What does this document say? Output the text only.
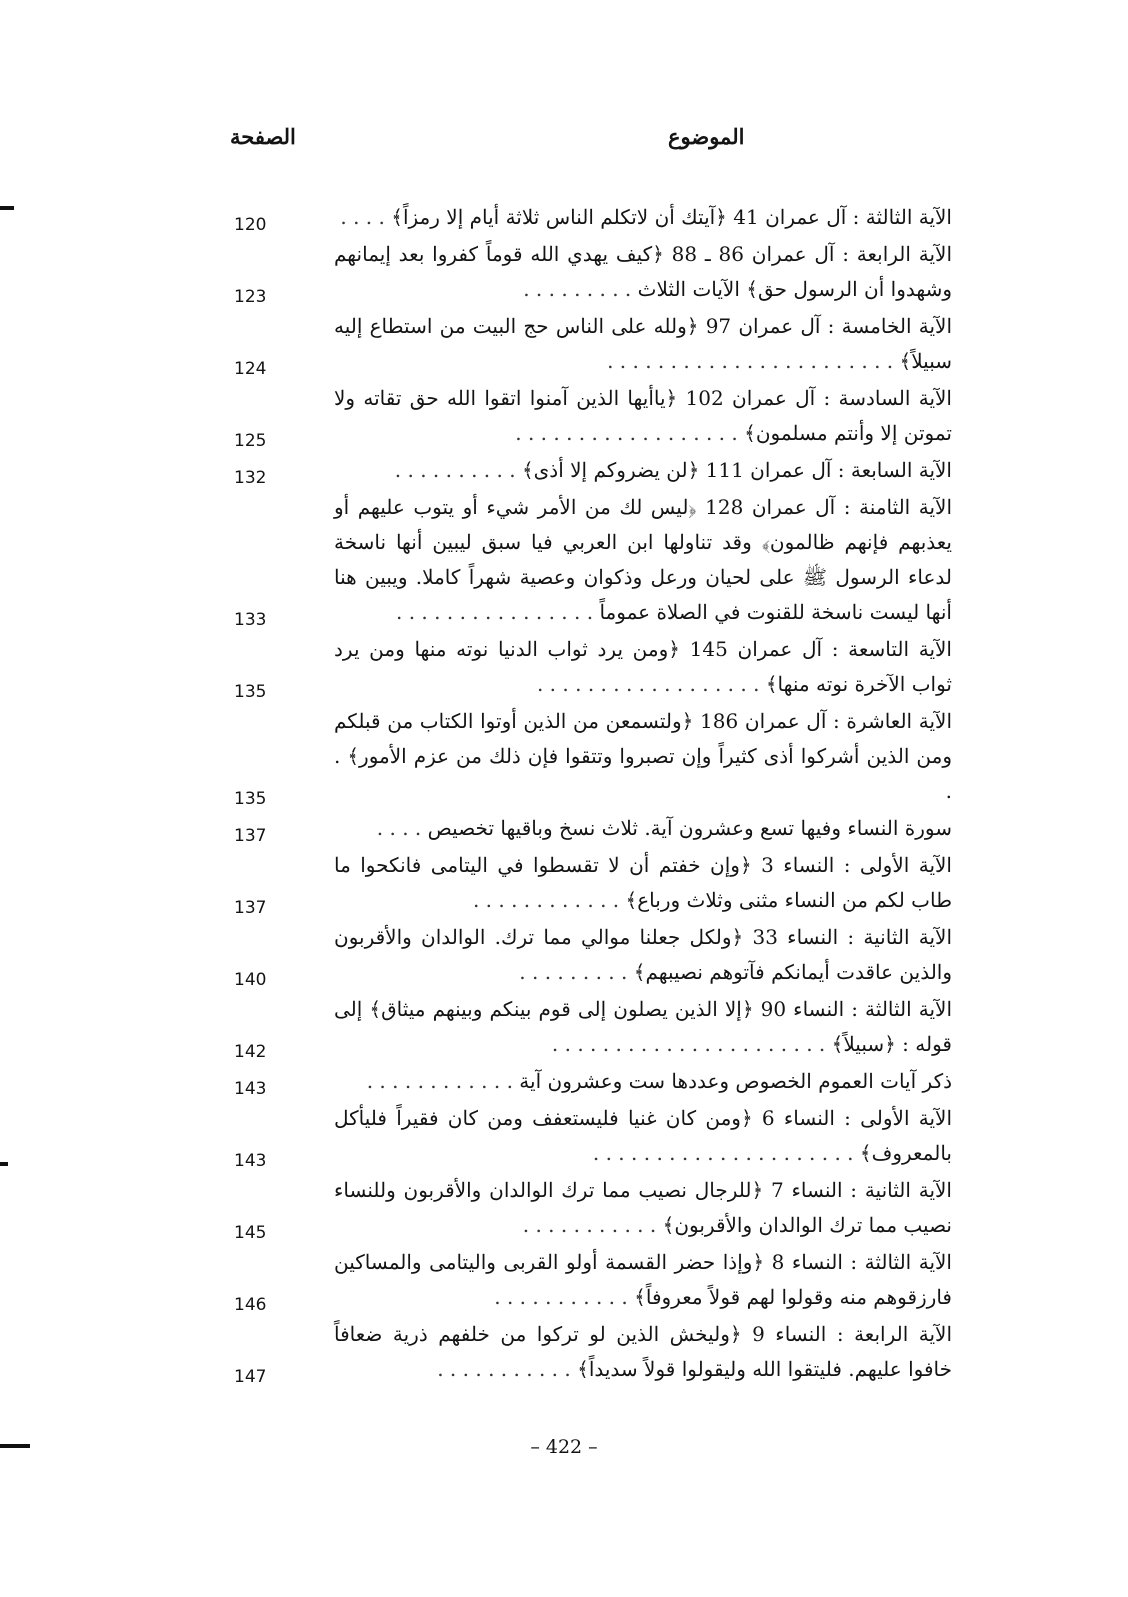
الموضوع
الصفحة
الآية الثالثة : آل عمران 41 ﴿آيتك أن لاتكلم الناس ثلاثة أيام إلا رمزاً﴾ . . . .
120
الآية الرابعة : آل عمران 86 ـ 88 ﴿كيف يهدي الله قوماً كفروا بعد إيمانهم وشهدوا أن الرسول حق﴾ الآيات الثلاث . . . . . . . . .
123
الآية الخامسة : آل عمران 97 ﴿ولله على الناس حج البيت من استطاع إليه سبيلاً﴾ . . . . . . . . . . . . . . . . . . . . . . .
124
الآية السادسة : آل عمران 102 ﴿ياأيها الذين آمنوا اتقوا الله حق تقاته ولا تموتن إلا وأنتم مسلمون﴾ . . . . . . . . . . . . . . . . . .
125
الآية السابعة : آل عمران 111 ﴿لن يضروكم إلا أذى﴾ . . . . . . . . . .
132
الآية الثامنة : آل عمران 128 ﴿ليس لك من الأمر شيء أو يتوب عليهم أو يعذبهم فإنهم ظالمون﴾ وقد تناولها ابن العربي فيا سبق ليبين أنها ناسخة لدعاء الرسول ﷺ على لحيان ورعل وذكوان وعصية شهراً كاملا. ويبين هنا أنها ليست ناسخة للقنوت في الصلاة عموماً . . . . . . . . . . . . . . . .
133
الآية التاسعة : آل عمران 145 ﴿ومن يرد ثواب الدنيا نوته منها ومن يرد ثواب الآخرة نوته منها﴾ . . . . . . . . . . . . . . . . . .
135
الآية العاشرة : آل عمران 186 ﴿ولتسمعن من الذين أوتوا الكتاب من قبلكم ومن الذين أشركوا أذى كثيراً وإن تصبروا وتتقوا فإن ذلك من عزم الأمور﴾ . .
135
سورة النساء وفيها تسع وعشرون آية. ثلاث نسخ وباقيها تخصيص . . . .
137
الآية الأولى : النساء 3 ﴿وإن خفتم أن لا تقسطوا في اليتامى فانكحوا ما طاب لكم من النساء مثنى وثلاث ورباع﴾ . . . . . . . . . . . .
137
الآية الثانية : النساء 33 ﴿ولكل جعلنا موالي مما ترك. الوالدان والأقربون والذين عاقدت أيمانكم فآتوهم نصيبهم﴾ . . . . . . . . .
140
الآية الثالثة : النساء 90 ﴿إلا الذين يصلون إلى قوم بينكم وبينهم ميثاق﴾ إلى قوله : ﴿سبيلاً﴾ . . . . . . . . . . . . . . . . . . . . . .
142
ذكر آيات العموم الخصوص وعددها ست وعشرون آية . . . . . . . . . . . .
143
الآية الأولى : النساء 6 ﴿ومن كان غنيا فليستعفف ومن كان فقيراً فليأكل بالمعروف﴾ . . . . . . . . . . . . . . . . . . . . .
143
الآية الثانية : النساء 7 ﴿للرجال نصيب مما ترك الوالدان والأقربون وللنساء نصيب مما ترك الوالدان والأقربون﴾ . . . . . . . . . . .
145
الآية الثالثة : النساء 8 ﴿وإذا حضر القسمة أولو القربى واليتامى والمساكين فارزقوهم منه وقولوا لهم قولاً معروفاً﴾ . . . . . . . . . . .
146
الآية الرابعة : النساء 9 ﴿وليخش الذين لو تركوا من خلفهم ذرية ضعافاً خافوا عليهم. فليتقوا الله وليقولوا قولاً سديداً﴾ . . . . . . . . . . .
147
– 422 –
